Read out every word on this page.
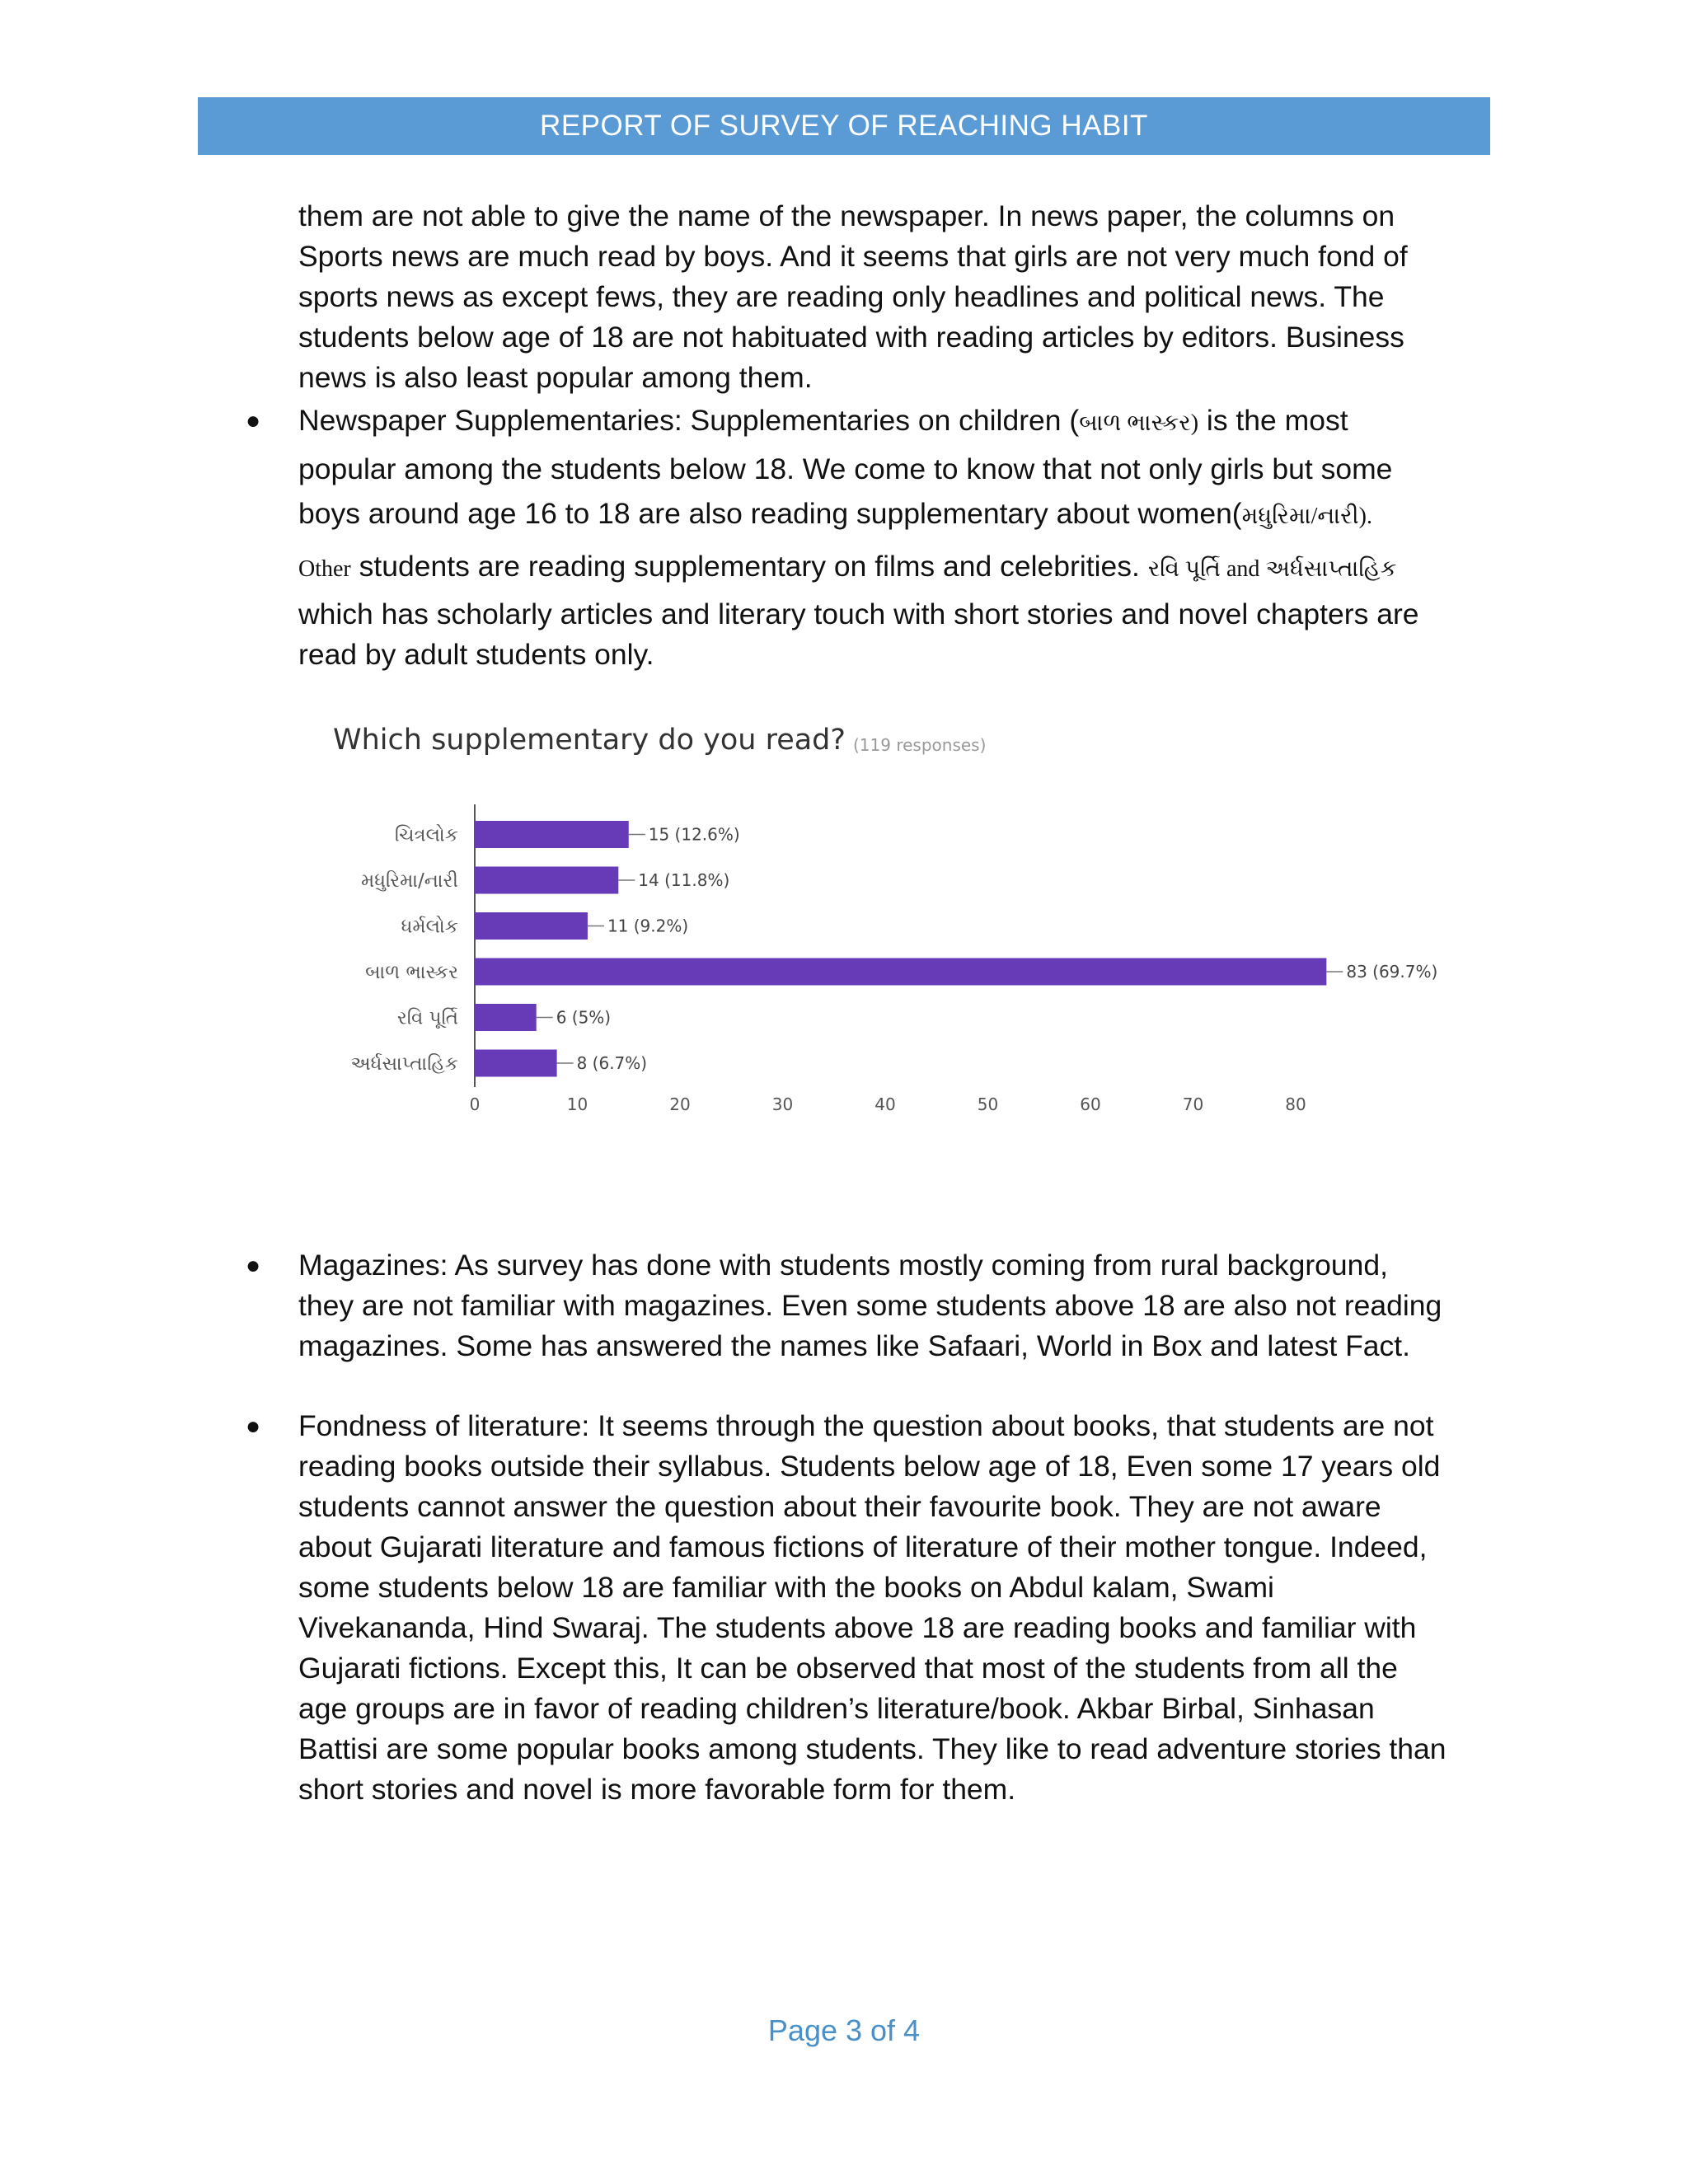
REPORT OF SURVEY OF REACHING HABIT
them are not able to give the name of the newspaper. In news paper, the columns on
Sports news are much read by boys. And it seems that girls are not very much fond of
sports news as except fews, they are reading only headlines and political news. The
students below age of 18 are not habituated with reading articles by editors. Business
news is also least popular among them.
● Newspaper Supplementaries: Supplementaries on children (બાળ ભાસ્કર) is the most
popular among the students below 18. We come to know that not only girls but some
boys around age 16 to 18 are also reading supplementary about women(મધુરિમા/નારી).
Other students are reading supplementary on films and celebrities. રવિ પૂર્તિ and અર્ધસાપ્તાહિક
which has scholarly articles and literary touch with short stories and novel chapters are
read by adult students only.
Which supplementary do you read? (119 responses)
ચિત્રલોક	15 (12.6%)
મધુરિમા/નારી	14 (11.8%)
ધર્મલોક	11 (9.2%)
બાળ ભાસ્કર	83 (69.7%)
રવિ પૂર્તિ	6 (5%)
અર્ધસાપ્તાહિક	8 (6.7%)
0	10	20	30	40	50	60	70	80
● Magazines: As survey has done with students mostly coming from rural background,
they are not familiar with magazines. Even some students above 18 are also not reading
magazines. Some has answered the names like Safaari, World in Box and latest Fact.
● Fondness of literature: It seems through the question about books, that students are not
reading books outside their syllabus. Students below age of 18, Even some 17 years old
students cannot answer the question about their favourite book. They are not aware
about Gujarati literature and famous fictions of literature of their mother tongue. Indeed,
some students below 18 are familiar with the books on Abdul kalam, Swami
Vivekananda, Hind Swaraj. The students above 18 are reading books and familiar with
Gujarati fictions. Except this, It can be observed that most of the students from all the
age groups are in favor of reading children’s literature/book. Akbar Birbal, Sinhasan
Battisi are some popular books among students. They like to read adventure stories than
short stories and novel is more favorable form for them.
Page 3 of 4
